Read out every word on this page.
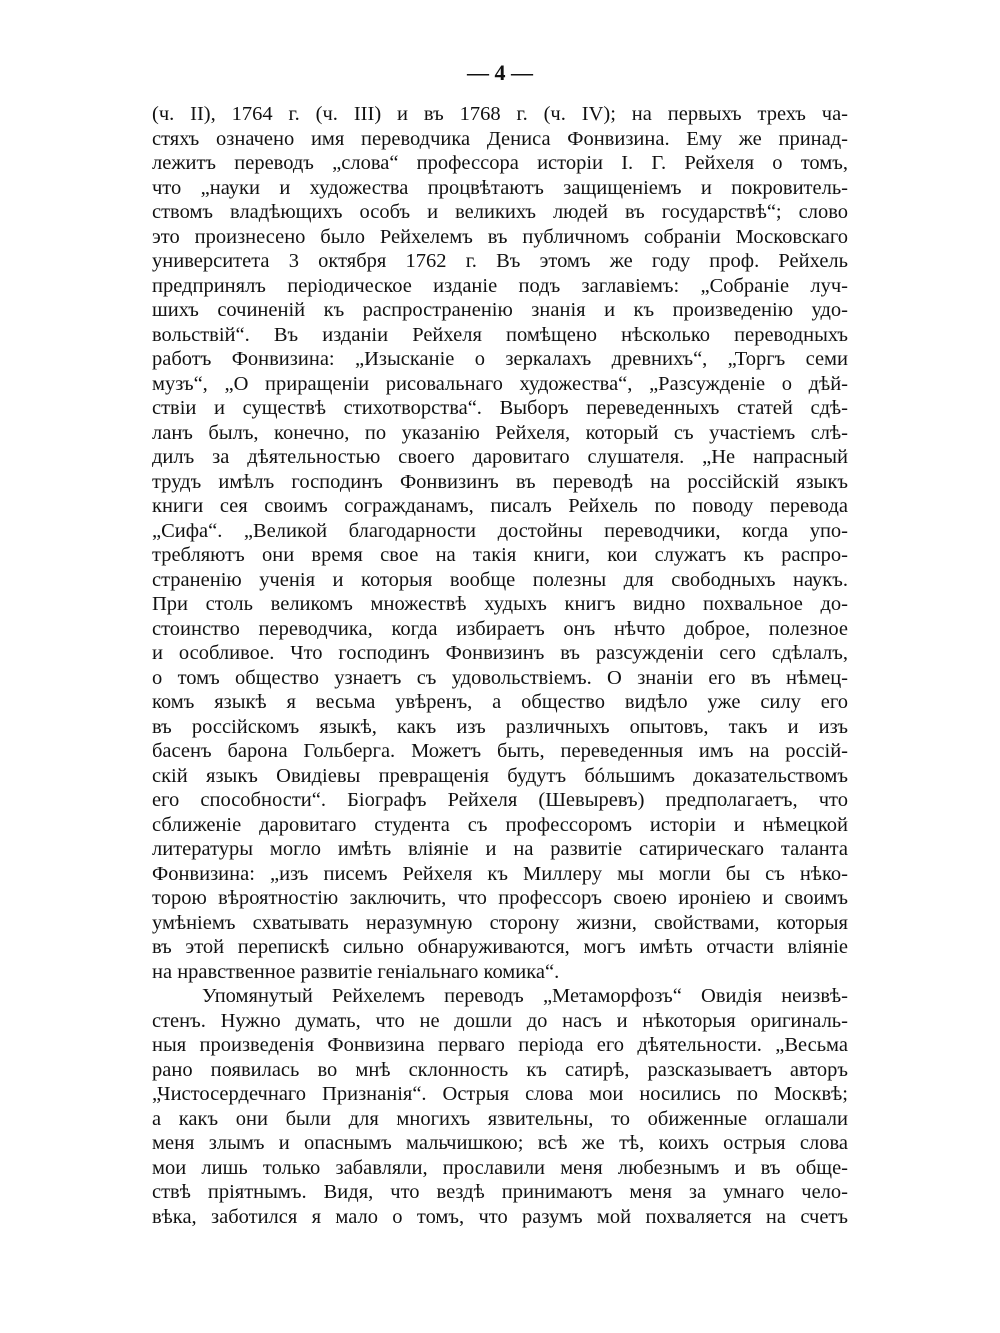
— 4 —
(ч. II), 1764 г. (ч. III) и въ 1768 г. (ч. IV); на первыхъ трехъ ча-
стяхъ означено имя переводчика Дениса Фонвизина. Ему же принад-
лежитъ переводъ „слова“ профессора исторіи І. Г. Рейхеля о томъ,
что „науки и художества процвѣтаютъ защищеніемъ и покровитель-
ствомъ владѣющихъ особъ и великихъ людей въ государствѣ“; слово
это произнесено было Рейхелемъ въ публичномъ собраніи Московскаго
университета 3 октября 1762 г. Въ этомъ же году проф. Рейхель
предпринялъ періодическое изданіе подъ заглавіемъ: „Собраніе луч-
шихъ сочиненій къ распространенію знанія и къ произведенію удо-
вольствій“. Въ изданіи Рейхеля помѣщено нѣсколько переводныхъ
работъ Фонвизина: „Изысканіе о зеркалахъ древнихъ“, „Торгъ семи
музъ“, „О приращеніи рисовальнаго художества“, „Разсужденіе о дѣй-
ствіи и существѣ стихотворства“. Выборъ переведенныхъ статей сдѣ-
ланъ былъ, конечно, по указанію Рейхеля, который съ участіемъ слѣ-
дилъ за дѣятельностью своего даровитаго слушателя. „Не напрасный
трудъ имѣлъ господинъ Фонвизинъ въ переводѣ на россійскій языкъ
книги сея своимъ согражданамъ, писалъ Рейхель по поводу перевода
„Сифа“. „Великой благодарности достойны переводчики, когда упо-
требляютъ они время свое на такія книги, кои служатъ къ распро-
страненію ученія и которыя вообще полезны для свободныхъ наукъ.
При столь великомъ множествѣ худыхъ книгъ видно похвальное до-
стоинство переводчика, когда избираетъ онъ нѣчто доброе, полезное
и особливое. Что господинъ Фонвизинъ въ разсужденіи сего сдѣлалъ,
о томъ общество узнаетъ съ удовольствіемъ. О знаніи его въ нѣмец-
комъ языкѣ я весьма увѣренъ, а общество видѣло уже силу его
въ россійскомъ языкѣ, какъ изъ различныхъ опытовъ, такъ и изъ
басенъ барона Гольберга. Можетъ быть, переведенныя имъ на россій-
скій языкъ Овидіевы превращенія будутъ бóльшимъ доказательствомъ
его способности“. Біографъ Рейхеля (Шевыревъ) предполагаетъ, что
сближеніе даровитаго студента съ профессоромъ исторіи и нѣмецкой
литературы могло имѣть вліяніе и на развитіе сатирическаго таланта
Фонвизина: „изъ писемъ Рейхеля къ Миллеру мы могли бы съ нѣко-
торою вѣроятностію заключить, что профессоръ своею ироніею и своимъ
умѣніемъ схватывать неразумную сторону жизни, свойствами, которыя
въ этой перепискѣ сильно обнаруживаются, могъ имѣть отчасти вліяніе
на нравственное развитіе геніальнаго комика“.
Упомянутый Рейхелемъ переводъ „Метаморфозъ“ Овидія неизвѣ-
стенъ. Нужно думать, что не дошли до насъ и нѣкоторыя оригиналь-
ныя произведенія Фонвизина перваго періода его дѣятельности. „Весьма
рано появилась во мнѣ склонность къ сатирѣ, разсказываетъ авторъ
„Чистосердечнаго Признанія“. Острыя слова мои носились по Москвѣ;
а какъ они были для многихъ язвительны, то обиженные оглашали
меня злымъ и опаснымъ мальчишкою; всѣ же тѣ, коихъ острыя слова
мои лишь только забавляли, прославили меня любезнымъ и въ обще-
ствѣ пріятнымъ. Видя, что вездѣ принимаютъ меня за умнаго чело-
вѣка, заботился я мало о томъ, что разумъ мой похваляется на счетъ
